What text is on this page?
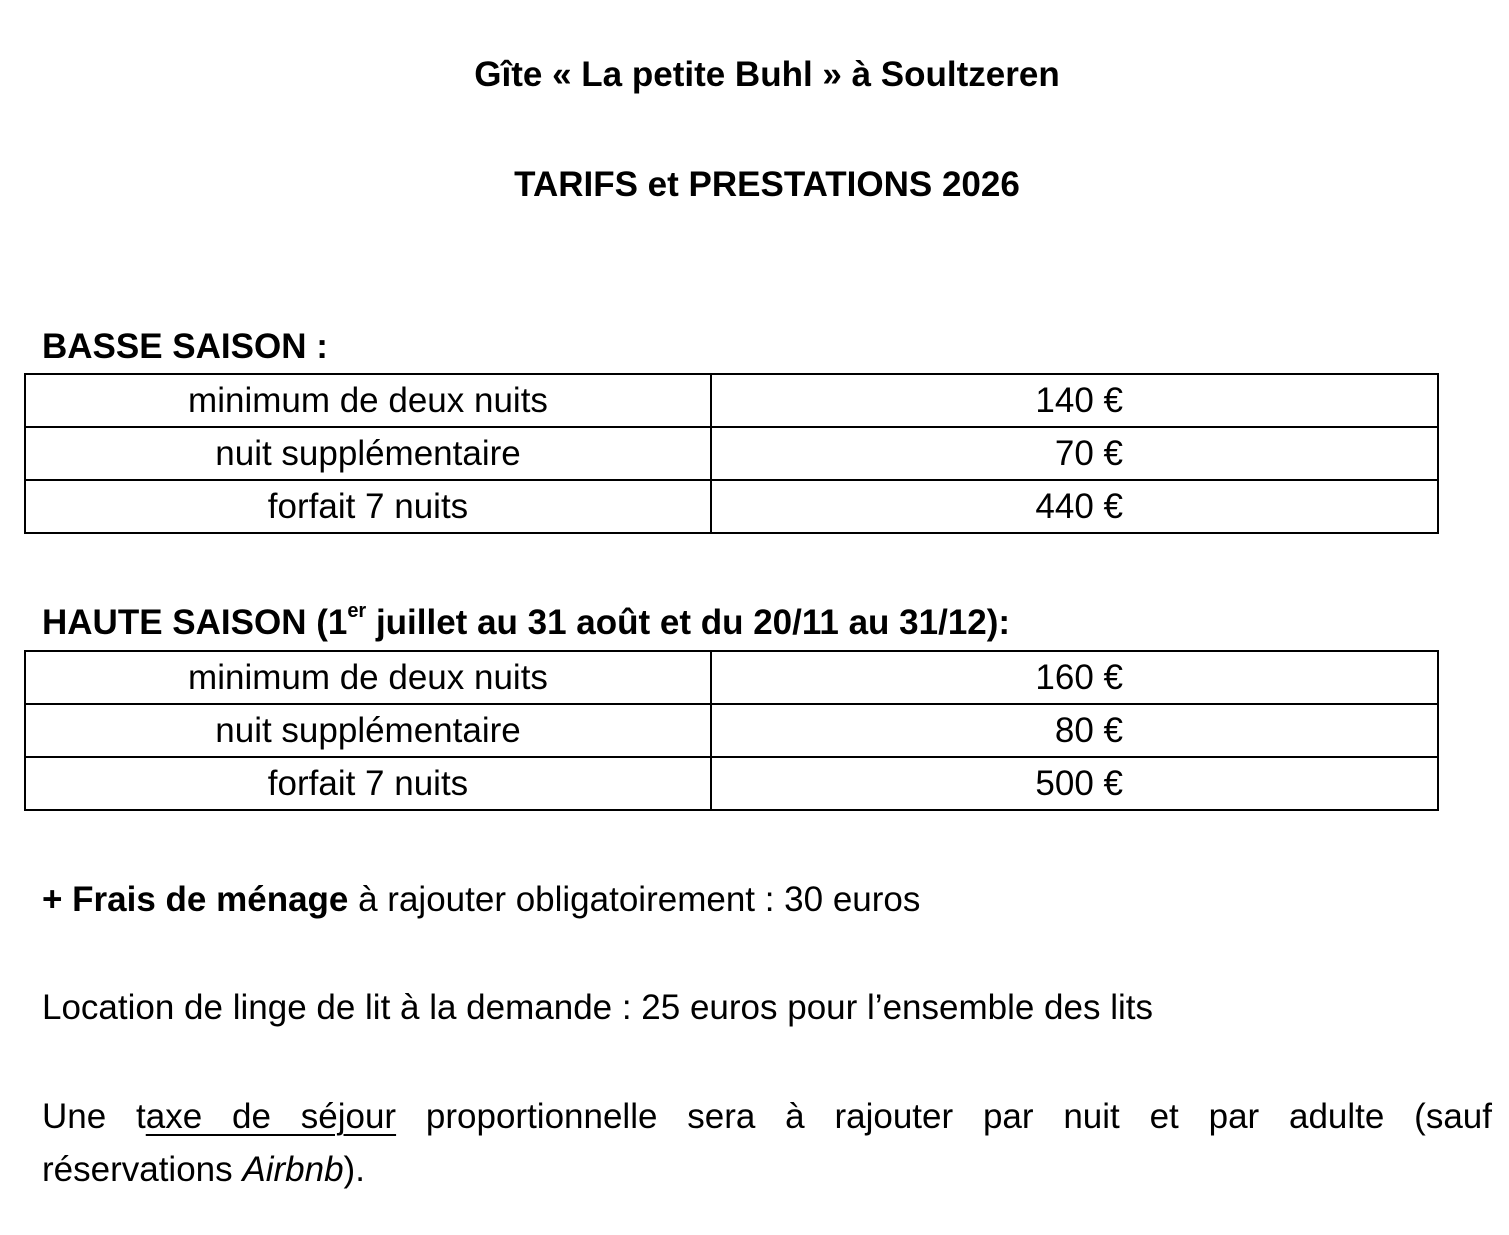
Gîte « La petite Buhl » à Soultzeren
TARIFS et PRESTATIONS 2026
BASSE SAISON :
minimum de deux nuits	140 €
nuit supplémentaire	70 €
forfait 7 nuits	440 €
HAUTE SAISON (1er juillet au 31 août et du 20/11 au 31/12):
minimum de deux nuits	160 €
nuit supplémentaire	80 €
forfait 7 nuits	500 €
+ Frais de ménage à rajouter obligatoirement : 30 euros
Location de linge de lit à la demande : 25 euros pour l’ensemble des lits
Une taxe de séjour proportionnelle sera à rajouter par nuit et par adulte (sauf
réservations Airbnb).
